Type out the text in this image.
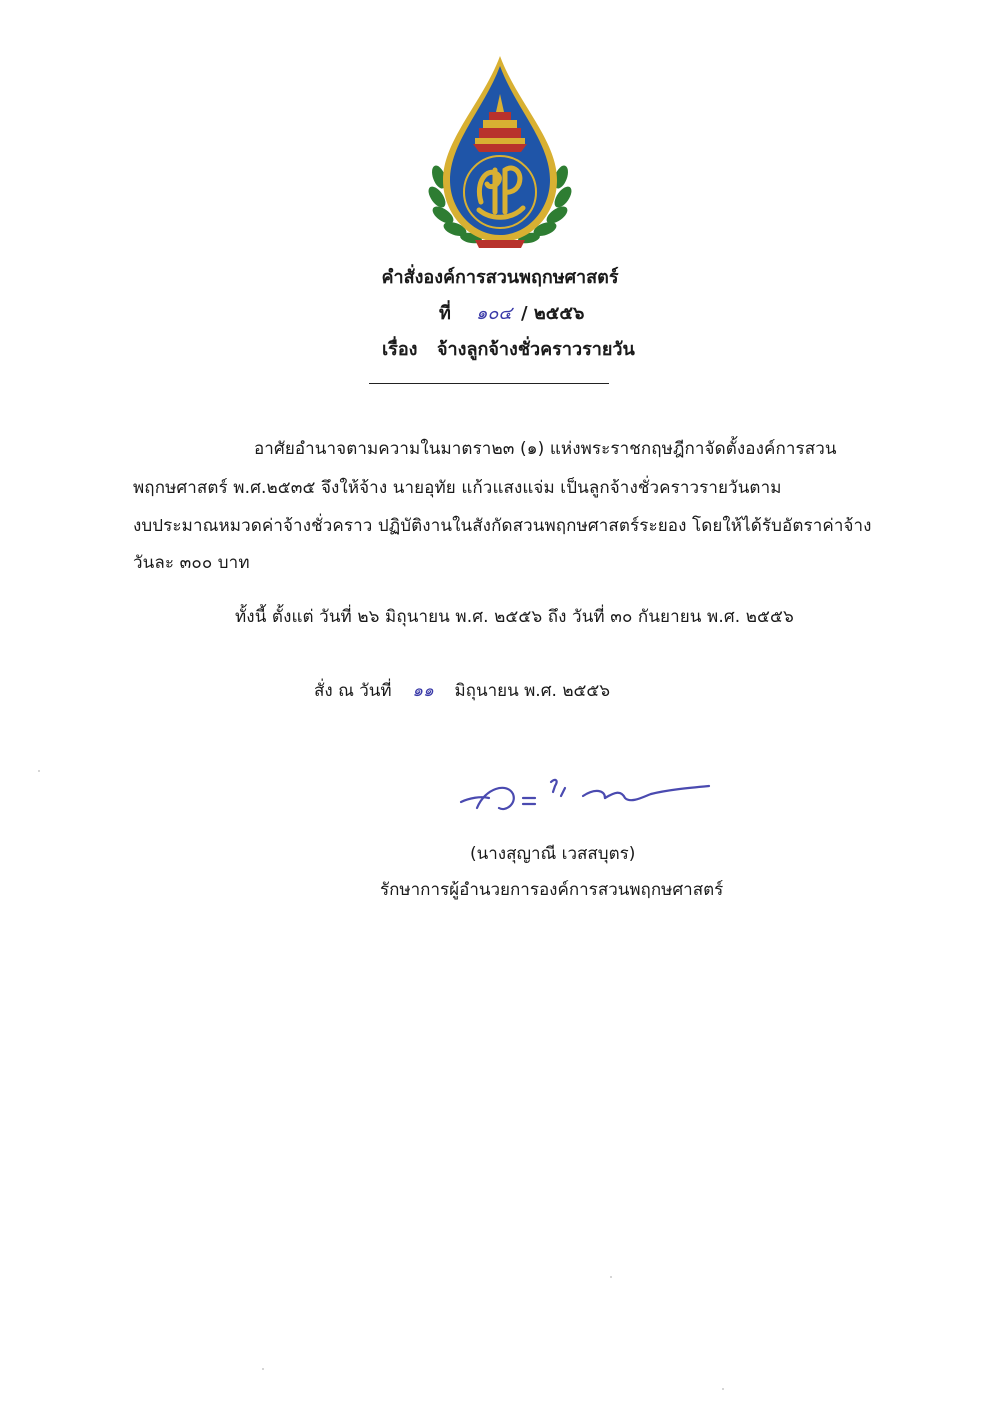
คำสั่งองค์การสวนพฤกษศาสตร์
ที่ ๑๐๔ / ๒๕๕๖
เรื่อง จ้างลูกจ้างชั่วคราวรายวัน
อาศัยอำนาจตามความในมาตรา๒๓ (๑) แห่งพระราชกฤษฎีกาจัดตั้งองค์การสวน
พฤกษศาสตร์ พ.ศ.๒๕๓๕ จึงให้จ้าง นายอุทัย แก้วแสงแจ่ม เป็นลูกจ้างชั่วคราวรายวันตาม
งบประมาณหมวดค่าจ้างชั่วคราว ปฏิบัติงานในสังกัดสวนพฤกษศาสตร์ระยอง โดยให้ได้รับอัตราค่าจ้าง
วันละ ๓๐๐ บาท
ทั้งนี้ ตั้งแต่ วันที่ ๒๖ มิถุนายน พ.ศ. ๒๕๕๖ ถึง วันที่ ๓๐ กันยายน พ.ศ. ๒๕๕๖
สั่ง ณ วันที่ ๑๑ มิถุนายน พ.ศ. ๒๕๕๖
(นางสุญาณี เวสสบุตร)
รักษาการผู้อำนวยการองค์การสวนพฤกษศาสตร์
